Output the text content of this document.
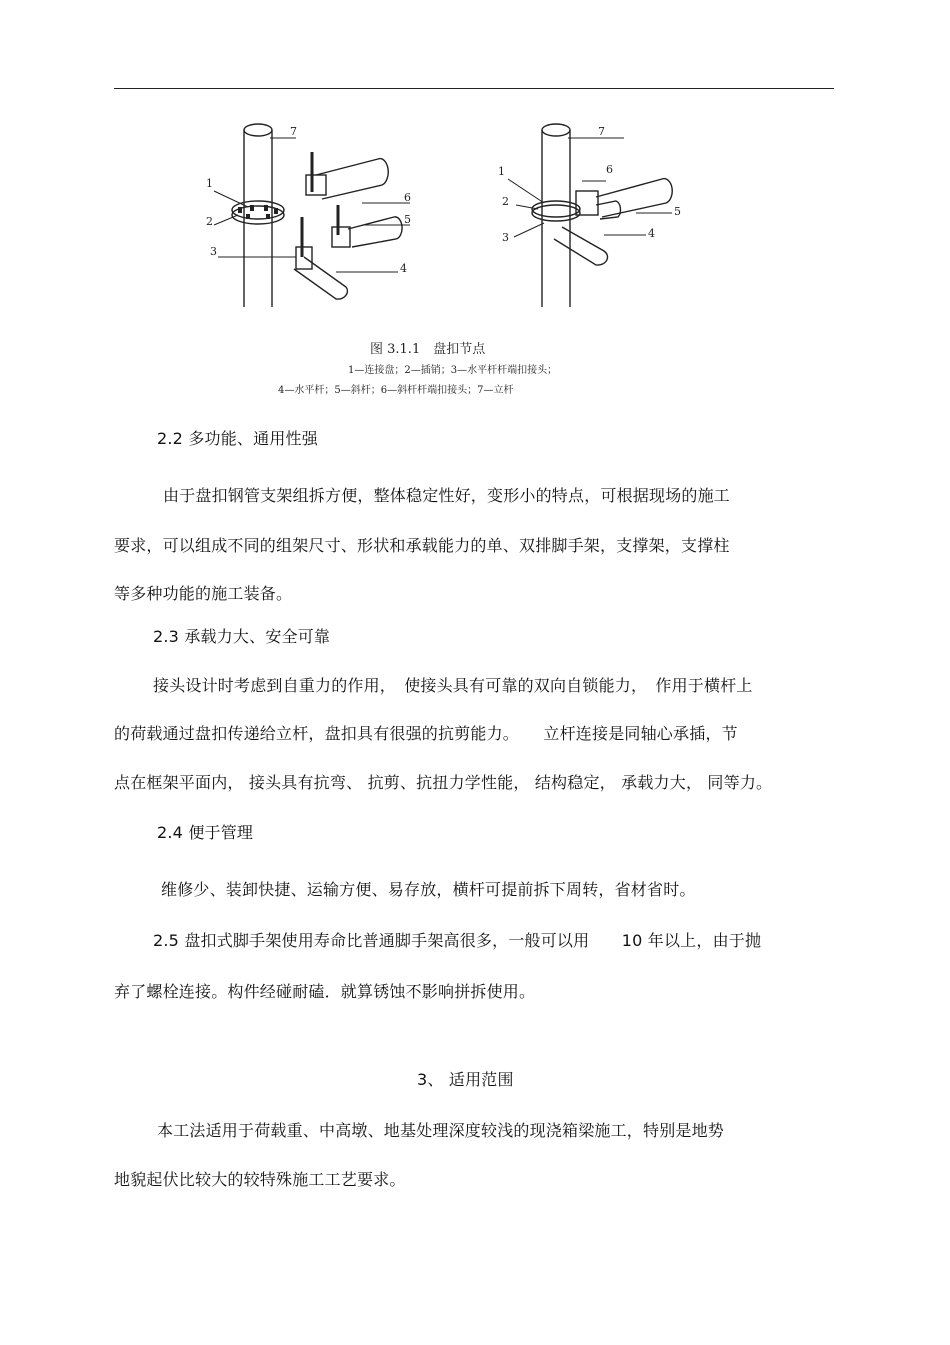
1
2
3
4
5
6
7
1
2
3	4
5
6
7
图 3.1.1　盘扣节点
1—连接盘；2—插销；3—水平杆杆端扣接头；
4—水平杆；5—斜杆；6—斜杆杆端扣接头；7—立杆
2.2 多功能、通用性强
由于盘扣钢管支架组拆方便，整体稳定性好，变形小的特点，可根据现场的施工
要求，可以组成不同的组架尺寸、形状和承载能力的单、双排脚手架，支撑架，支撑柱
等多种功能的施工装备。
2.3 承载力大、安全可靠
接头设计时考虑到自重力的作用，　使接头具有可靠的双向自锁能力，　作用于横杆上
的荷载通过盘扣传递给立杆，盘扣具有很强的抗剪能力。　　立杆连接是同轴心承插，节
点在框架平面内， 接头具有抗弯、 抗剪、抗扭力学性能， 结构稳定， 承载力大， 同等力。
2.4 便于管理
维修少、装卸快捷、运输方便、易存放，横杆可提前拆下周转，省材省时。
2.5 盘扣式脚手架使用寿命比普通脚手架高很多，一般可以用　　10 年以上，由于抛
弃了螺栓连接。构件经碰耐磕．就算锈蚀不影响拼拆使用。
3、 适用范围
本工法适用于荷载重、中高墩、地基处理深度较浅的现浇箱梁施工，特别是地势
地貌起伏比较大的较特殊施工工艺要求。
